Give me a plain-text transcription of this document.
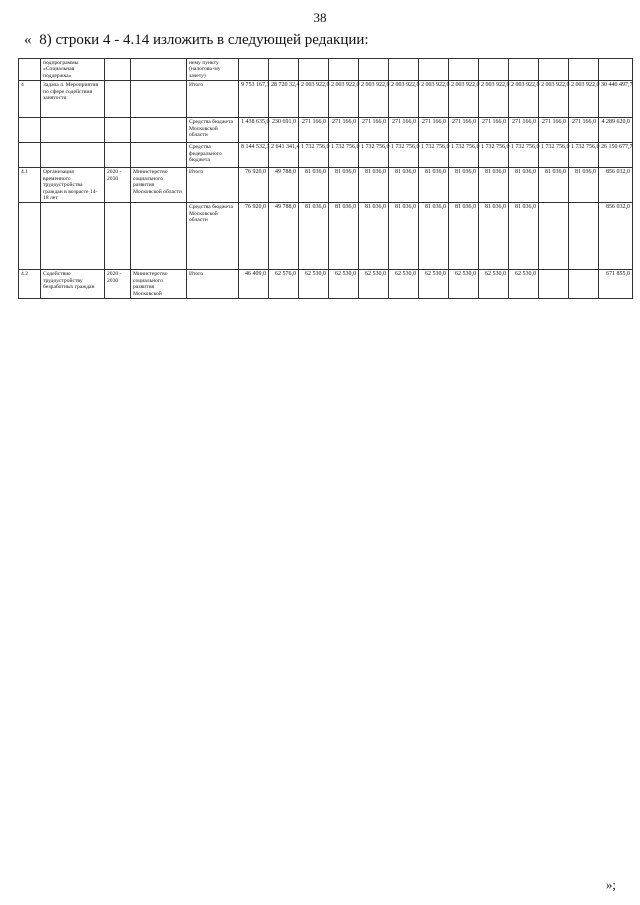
38
« 8) строки 4 - 4.14 изложить в следующей редакции:
	подпрограммы «Социальная поддержка»			нему пункту (налогово-му зачету)													
4	Задача 4. Мероприятия по сфере содействия занятости			Итого	9 753 167,3	28 720 32,4	2 003 922,0	2 003 922,0	2 003 922,0	2 003 922,0	2 003 922,0	2 003 922,0	2 003 922,0	2 003 922,0	2 003 922,0	2 003 922,0	30 440 497,7
				Средства бюджета Московской области	1 438 635,0	230 691,0	271 166,0	271 166,0	271 166,0	271 166,0	271 166,0	271 166,0	271 166,0	271 166,0	271 166,0	271 166,0	4 289 620,0
				Средства федерального бюджета	8 144 532,3	2 641 341,4	1 732 756,0	1 732 756,0	1 732 756,0	1 732 756,0	1 732 756,0	1 732 756,0	1 732 756,0	1 732 756,0	1 732 756,0	1 732 756,0	26 150 677,7
4.1	Организация временного трудоустройства граждан в возрасте 14-18 лет	2020 - 2030	Министерство социального развития Московской области	Итого	76 920,0	49 788,0	81 036,0	81 036,0	81 036,0	81 036,0	81 036,0	81 036,0	81 036,0	81 036,0	81 036,0	81 036,0	856 032,0
				Средства бюджета Московской области	76 920,0	49 788,0	81 036,0	81 036,0	81 036,0	81 036,0	81 036,0	81 036,0	81 036,0	81 036,0			856 032,0
4.2	Содействие трудоустройству безработных граждан	2020 - 2030	Министерство социального развития Московской	Итого	46 409,0	62 576,0	62 530,0	62 530,0	62 530,0	62 530,0	62 530,0	62 530,0	62 530,0	62 530,0			671 855,0
»;
